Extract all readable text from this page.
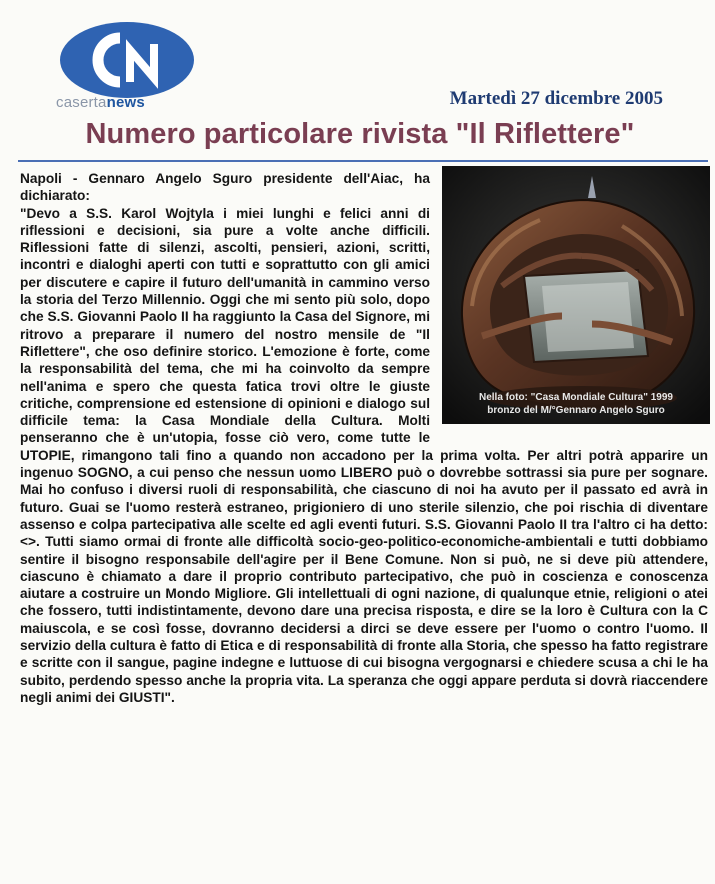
casertanews	Martedì 27 dicembre 2005
Numero particolare rivista "Il Riflettere"

Napoli - Gennaro Angelo Sguro presidente dell'Aiac, ha dichiarato:

"Devo a S.S. Karol Wojtyla i miei lunghi e felici anni di riflessioni e decisioni, sia pure a volte anche difficili. Riflessioni fatte di silenzi, ascolti, pensieri, azioni, scritti, incontri e dialoghi aperti con tutti e soprattutto con gli amici per discutere e capire il futuro dell'umanità in cammino verso la storia del Terzo Millennio. Oggi che mi sento più solo, dopo che S.S. Giovanni Paolo II ha raggiunto la Casa del Signore, mi ritrovo a preparare il numero del nostro mensile de "Il Riflettere", che oso definire storico. L'emozione è forte, come la responsabilità del tema, che mi ha coinvolto da sempre nell'anima e spero che questa fatica trovi oltre le giuste critiche, comprensione ed estensione di opinioni e dialogo sul difficile tema: la Casa Mondiale della Cultura. Molti penseranno che è un'utopia, fosse ciò vero, come tutte le UTOPIE, rimangono tali fino a quando non accadono per la prima volta. Per altri potrà apparire un ingenuo SOGNO, a cui penso che nessun uomo LIBERO può o dovrebbe sottrassi sia pure per sognare. Mai ho confuso i diversi ruoli di responsabilità, che ciascuno di noi ha avuto per il passato ed avrà in futuro. Guai se l'uomo resterà estraneo, prigioniero di uno sterile silenzio, che poi rischia di diventare assenso e colpa partecipativa alle scelte ed agli eventi futuri. S.S. Giovanni Paolo II tra l'altro ci ha detto: <>. Tutti siamo ormai di fronte alle difficoltà socio-geo-politico-economiche-ambientali e tutti dobbiamo sentire il bisogno responsabile dell'agire per il Bene Comune. Non si può, ne si deve più attendere, ciascuno è chiamato a dare il proprio contributo partecipativo, che può in coscienza e conoscenza aiutare a costruire un Mondo Migliore. Gli intellettuali di ogni nazione, di qualunque etnie, religioni o atei che fossero, tutti indistintamente, devono dare una precisa risposta, e dire se la loro è Cultura con la C maiuscola, e se così fosse, dovranno decidersi a dirci se deve essere per l'uomo o contro l'uomo. Il servizio della cultura è fatto di Etica e di responsabilità di fronte alla Storia, che spesso ha fatto registrare e scritte con il sangue, pagine indegne e luttuose di cui bisogna vergognarsi e chiedere scusa a chi le ha subito, perdendo spesso anche la propria vita. La speranza che oggi appare perduta si dovrà riaccendere negli animi dei GIUSTI".

Nella foto: "Casa Mondiale Cultura" 1999
bronzo del M/°Gennaro Angelo Sguro
